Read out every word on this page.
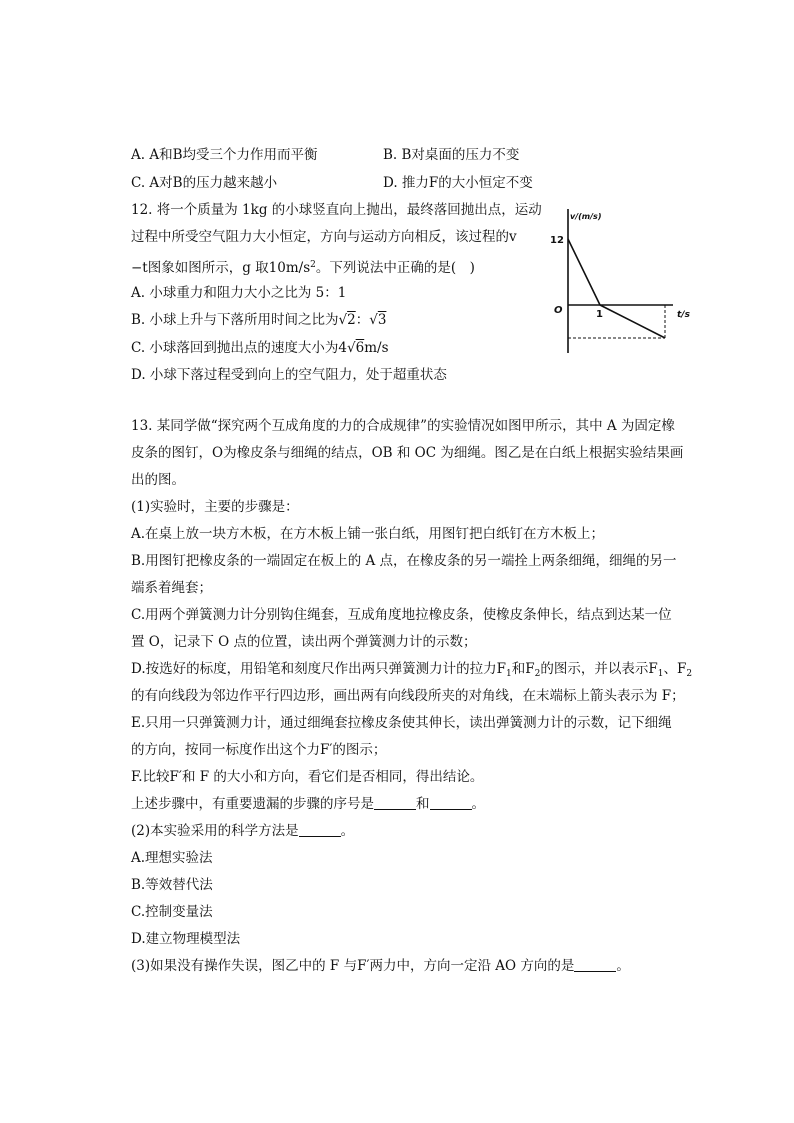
A. A和B均受三个力作用而平衡	B. B对桌面的压力不变
C. A对B的压力越来越小	D. 推力F的大小恒定不变
12. 将一个质量为 1kg 的小球竖直向上抛出，最终落回抛出点，运动
过程中所受空气阻力大小恒定，方向与运动方向相反，该过程的v
−t图象如图所示，g 取$10m/s^2$。下列说法中正确的是(　)
A. 小球重力和阻力大小之比为 5：1
B. 小球上升与下落所用时间之比为√2：√3
C. 小球落回到抛出点的速度大小为4√6m/s
D. 小球下落过程受到向上的空气阻力，处于超重状态
v/(m/s)
12
O	1	t/s
13. 某同学做“探究两个互成角度的力的合成规律”的实验情况如图甲所示，其中 A 为固定橡
皮条的图钉，O为橡皮条与细绳的结点，OB 和 OC 为细绳。图乙是在白纸上根据实验结果画
出的图。
(1)实验时，主要的步骤是：
A.在桌上放一块方木板，在方木板上铺一张白纸，用图钉把白纸钉在方木板上；
B.用图钉把橡皮条的一端固定在板上的 A 点，在橡皮条的另一端拴上两条细绳，细绳的另一
端系着绳套；
C.用两个弹簧测力计分别钩住绳套，互成角度地拉橡皮条，使橡皮条伸长，结点到达某一位
置 O，记录下 O 点的位置，读出两个弹簧测力计的示数；
D.按选好的标度，用铅笔和刻度尺作出两只弹簧测力计的拉力$F_1$和$F_2$的图示，并以表示$F_1$、$F_2$
的有向线段为邻边作平行四边形，画出两有向线段所夹的对角线，在末端标上箭头表示为 F；
E.只用一只弹簧测力计，通过细绳套拉橡皮条使其伸长，读出弹簧测力计的示数，记下细绳
的方向，按同一标度作出这个力F′的图示；
F.比较F′和 F 的大小和方向，看它们是否相同，得出结论。
上述步骤中，有重要遗漏的步骤的序号是	和	。
(2)本实验采用的科学方法是	。
A.理想实验法
B.等效替代法
C.控制变量法
D.建立物理模型法
(3)如果没有操作失误，图乙中的 F 与F′两力中，方向一定沿 AO 方向的是	。
